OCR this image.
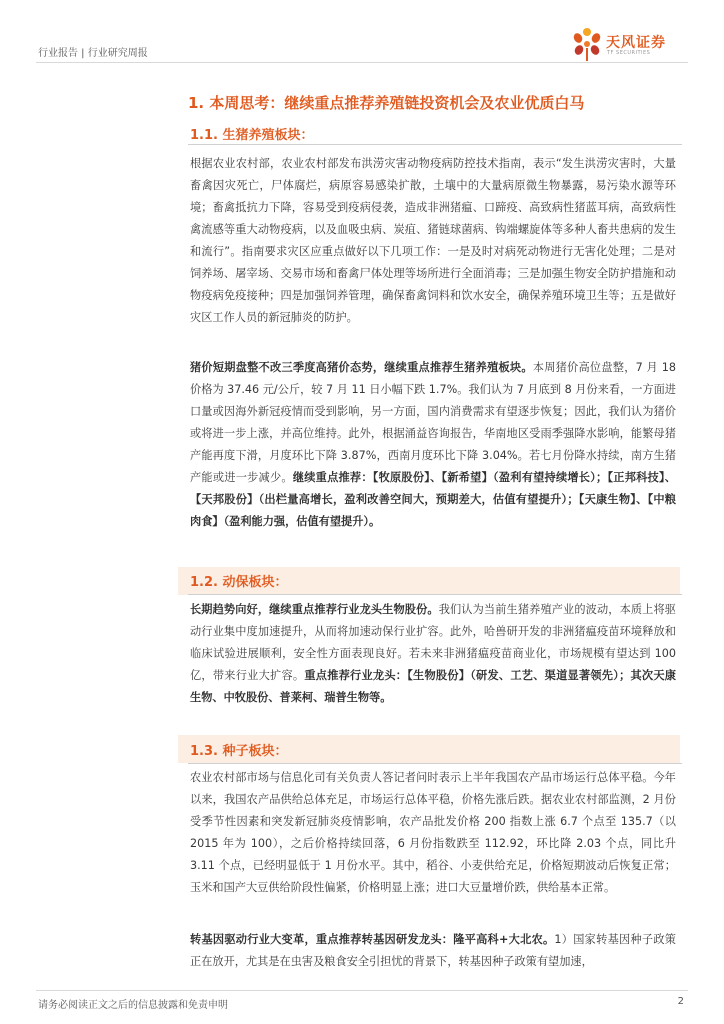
行业报告 | 行业研究周报
天风证券
TF SECURITIES
1. 本周思考：继续重点推荐养殖链投资机会及农业优质白马
1.1. 生猪养殖板块：

根据农业农村部，农业农村部发布洪涝灾害动物疫病防控技术指南，表示“发生洪涝灾害时，大量畜禽因灾死亡，尸体腐烂，病原容易感染扩散，土壤中的大量病原微生物暴露，易污染水源等环境；畜禽抵抗力下降，容易受到疫病侵袭，造成非洲猪瘟、口蹄疫、高致病性猪蓝耳病，高致病性禽流感等重大动物疫病，以及血吸虫病、炭疽、猪链球菌病、钩端螺旋体等多种人畜共患病的发生和流行”。指南要求灾区应重点做好以下几项工作：一是及时对病死动物进行无害化处理；二是对饲养场、屠宰场、交易市场和畜禽尸体处理等场所进行全面消毒；三是加强生物安全防护措施和动物疫病免疫接种；四是加强饲养管理，确保畜禽饲料和饮水安全，确保养殖环境卫生等；五是做好灾区工作人员的新冠肺炎的防护。

猪价短期盘整不改三季度高猪价态势，继续重点推荐生猪养殖板块。本周猪价高位盘整，7 月 18 价格为 37.46 元/公斤，较 7 月 11 日小幅下跌 1.7%。我们认为 7 月底到 8 月份来看，一方面进口量或因海外新冠疫情而受到影响，另一方面，国内消费需求有望逐步恢复；因此，我们认为猪价或将进一步上涨，并高位维持。此外，根据涌益咨询报告，华南地区受雨季强降水影响，能繁母猪产能再度下滑，月度环比下降 3.87%，西南月度环比下降 3.04%。若七月份降水持续，南方生猪产能或进一步减少。继续重点推荐：【牧原股份】、【新希望】（盈利有望持续增长）；【正邦科技】、【天邦股份】（出栏量高增长，盈利改善空间大，预期差大，估值有望提升）；【天康生物】、【中粮肉食】（盈利能力强，估值有望提升）。

1.2. 动保板块：

长期趋势向好，继续重点推荐行业龙头生物股份。我们认为当前生猪养殖产业的波动，本质上将驱动行业集中度加速提升，从而将加速动保行业扩容。此外，哈兽研开发的非洲猪瘟疫苗环境释放和临床试验进展顺利，安全性方面表现良好。若未来非洲猪瘟疫苗商业化，市场规模有望达到 100 亿，带来行业大扩容。重点推荐行业龙头：【生物股份】（研发、工艺、渠道显著领先）；其次天康生物、中牧股份、普莱柯、瑞普生物等。

1.3. 种子板块：

农业农村部市场与信息化司有关负责人答记者问时表示上半年我国农产品市场运行总体平稳。今年以来，我国农产品供给总体充足，市场运行总体平稳，价格先涨后跌。据农业农村部监测，2 月份受季节性因素和突发新冠肺炎疫情影响，农产品批发价格 200 指数上涨 6.7 个点至 135.7（以 2015 年为 100），之后价格持续回落，6 月份指数跌至 112.92，环比降 2.03 个点，同比升 3.11 个点，已经明显低于 1 月份水平。其中，稻谷、小麦供给充足，价格短期波动后恢复正常；玉米和国产大豆供给阶段性偏紧，价格明显上涨；进口大豆量增价跌，供给基本正常。

转基因驱动行业大变革，重点推荐转基因研发龙头：隆平高科+大北农。1）国家转基因种子政策正在放开，尤其是在虫害及粮食安全引担忧的背景下，转基因种子政策有望加速，

请务必阅读正文之后的信息披露和免责申明	2
